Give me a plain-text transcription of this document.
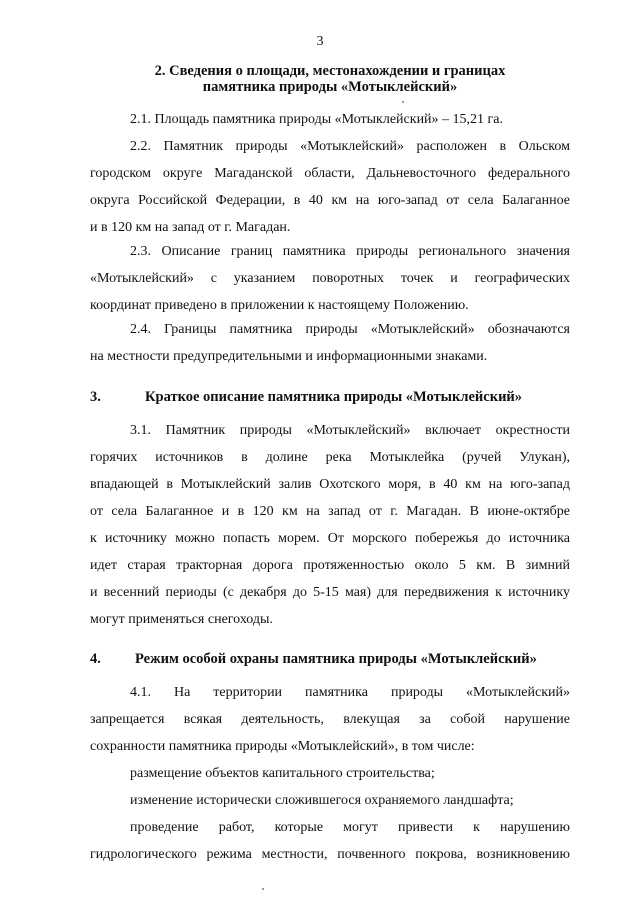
3
2. Сведения о площади, местонахождении и границах
памятника природы «Мотыклейский»
2.1. Площадь памятника природы «Мотыклейский» – 15,21 га.
2.2. Памятник природы «Мотыклейский» расположен в Ольском
городском округе Магаданской области, Дальневосточного федерального
округа Российской Федерации, в 40 км на юго-запад от села Балаганное
и в 120 км на запад от г. Магадан.
2.3. Описание границ памятника природы регионального значения
«Мотыклейский» с указанием поворотных точек и географических
координат приведено в приложении к настоящему Положению.
2.4. Границы памятника природы «Мотыклейский» обозначаются
на местности предупредительными и информационными знаками.
3.	Краткое описание памятника природы «Мотыклейский»
3.1. Памятник природы «Мотыклейский» включает окрестности
горячих источников в долине река Мотыклейка (ручей Улукан),
впадающей в Мотыклейский залив Охотского моря, в 40 км на юго-запад
от села Балаганное и в 120 км на запад от г. Магадан. В июне-октябре
к источнику можно попасть морем. От морского побережья до источника
идет старая тракторная дорога протяженностью около 5 км. В зимний
и весенний периоды (с декабря до 5-15 мая) для передвижения к источнику
могут применяться снегоходы.
4. Режим особой охраны памятника природы «Мотыклейский»
4.1. На территории памятника природы «Мотыклейский»
запрещается всякая деятельность, влекущая за собой нарушение
сохранности памятника природы «Мотыклейский», в том числе:
размещение объектов капитального строительства;
изменение исторически сложившегося охраняемого ландшафта;
проведение работ, которые могут привести к нарушению
гидрологического режима местности, почвенного покрова, возникновению
